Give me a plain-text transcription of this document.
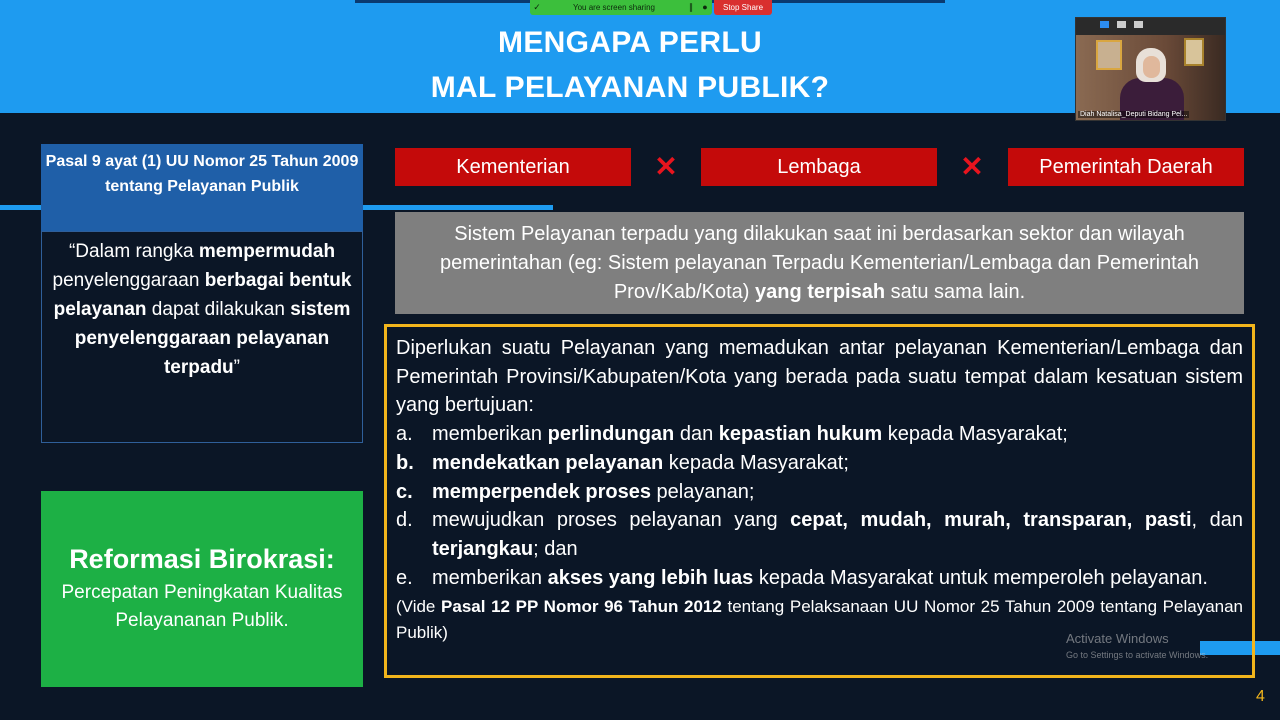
MENGAPA PERLU
MAL PELAYANAN PUBLIK?
✓	You are screen sharing	∥	●	Stop Share
Diah Natalisa_Deputi Bidang Pel...
Pasal 9 ayat (1) UU Nomor 25 Tahun 2009 tentang Pelayanan Publik
“Dalam rangka mempermudah penyelenggaraan berbagai bentuk pelayanan dapat dilakukan sistem penyelenggaraan pelayanan terpadu”
Kementerian	✕	Lembaga	✕	Pemerintah Daerah
Sistem Pelayanan terpadu yang dilakukan saat ini berdasarkan sektor dan wilayah pemerintahan (eg: Sistem pelayanan Terpadu Kementerian/Lembaga dan Pemerintah Prov/Kab/Kota) yang terpisah satu sama lain.
Diperlukan suatu Pelayanan yang memadukan antar pelayanan Kementerian/Lembaga dan Pemerintah Provinsi/Kabupaten/Kota yang berada pada suatu tempat dalam kesatuan sistem yang bertujuan:
a. memberikan perlindungan dan kepastian hukum kepada Masyarakat;
b. mendekatkan pelayanan kepada Masyarakat;
c. memperpendek proses pelayanan;
d. mewujudkan proses pelayanan yang cepat, mudah, murah, transparan, pasti, dan terjangkau; dan
e. memberikan akses yang lebih luas kepada Masyarakat untuk memperoleh pelayanan.
(Vide Pasal 12 PP Nomor 96 Tahun 2012 tentang Pelaksanaan UU Nomor 25 Tahun 2009 tentang Pelayanan Publik)
Reformasi Birokrasi:
Percepatan Peningkatan Kualitas Pelayananan Publik.
Activate Windows
Go to Settings to activate Windows.
4
